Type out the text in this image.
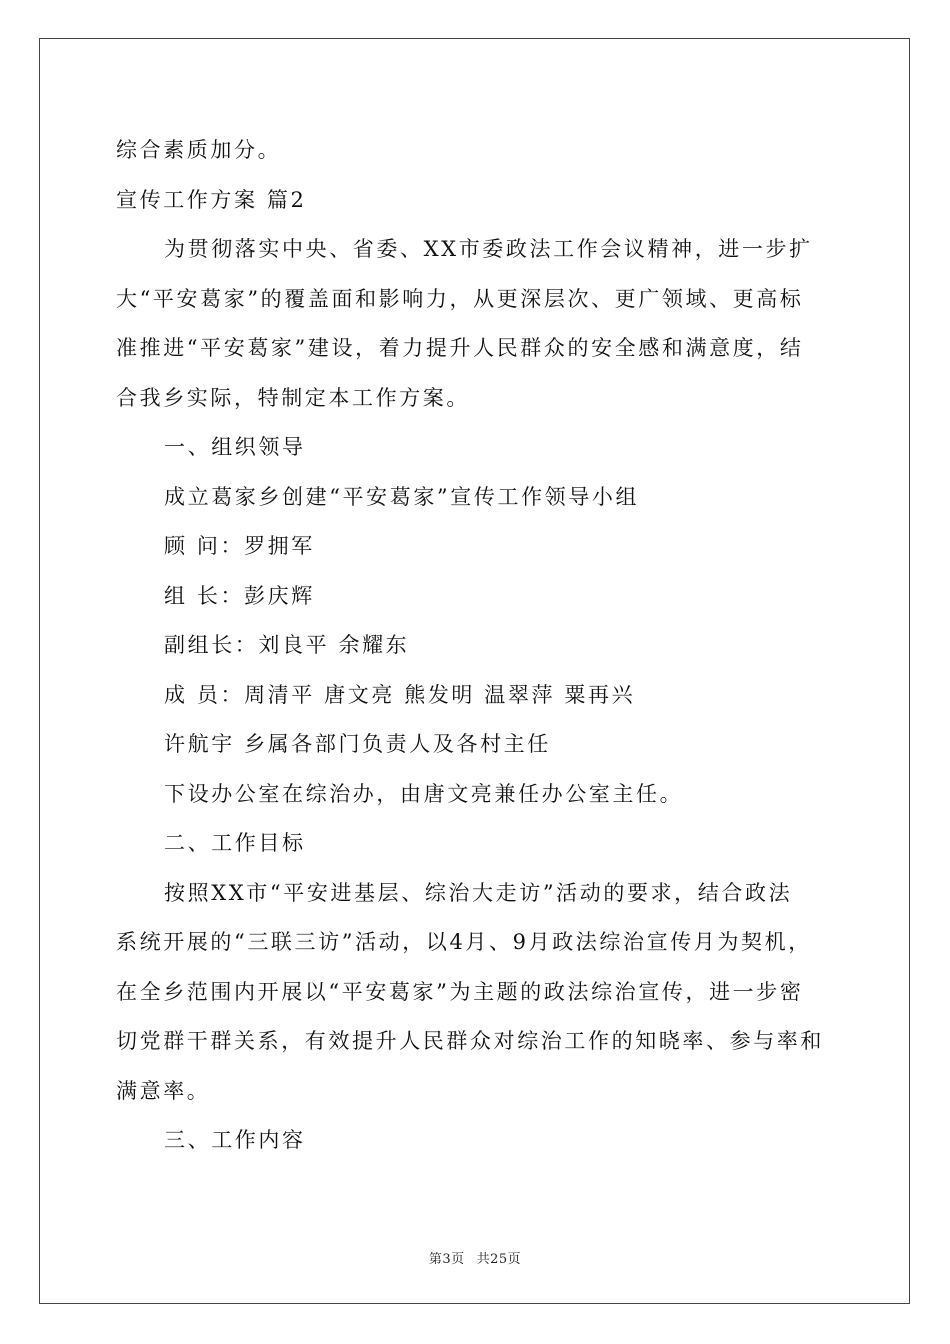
综合素质加分。
宣传工作方案 篇2
为贯彻落实中央、省委、XX市委政法工作会议精神，进一步扩
大“平安葛家”的覆盖面和影响力，从更深层次、更广领域、更高标
准推进“平安葛家”建设，着力提升人民群众的安全感和满意度，结
合我乡实际，特制定本工作方案。
一、组织领导
成立葛家乡创建“平安葛家”宣传工作领导小组
顾 问：罗拥军
组 长：彭庆辉
副组长：刘良平 余耀东
成 员：周清平 唐文亮 熊发明 温翠萍 粟再兴
许航宇 乡属各部门负责人及各村主任
下设办公室在综治办，由唐文亮兼任办公室主任。
二、工作目标
按照XX市“平安进基层、综治大走访”活动的要求，结合政法
系统开展的“三联三访”活动，以4月、9月政法综治宣传月为契机，
在全乡范围内开展以“平安葛家”为主题的政法综治宣传，进一步密
切党群干群关系，有效提升人民群众对综治工作的知晓率、参与率和
满意率。
三、工作内容
第3页 共25页
